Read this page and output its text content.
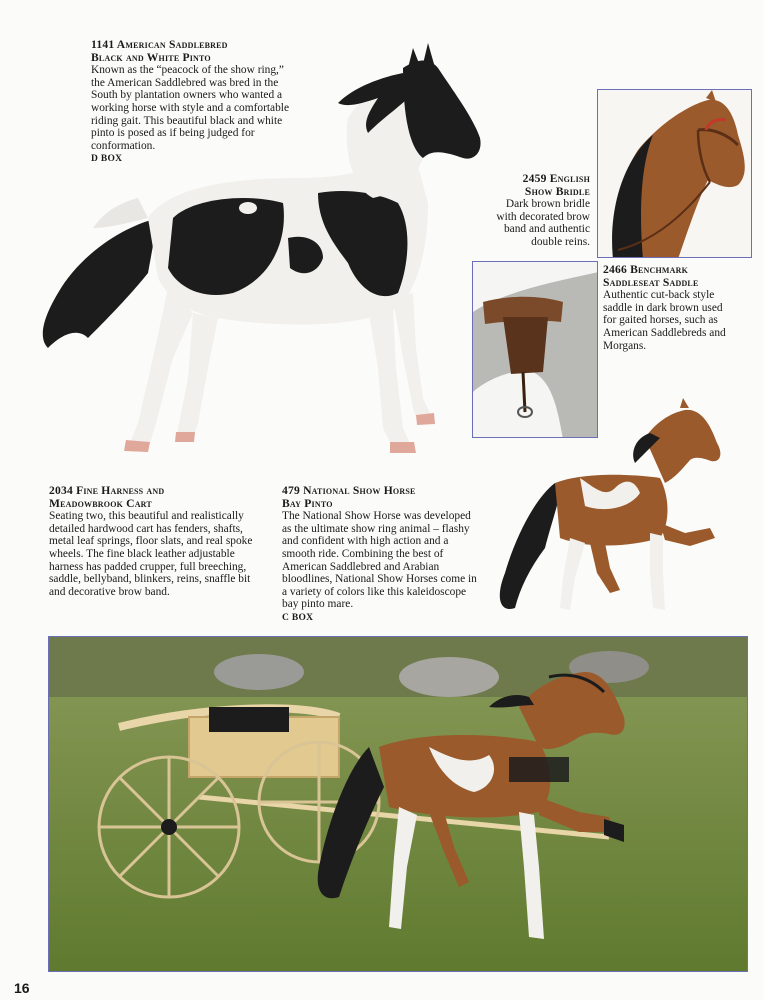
1141 American Saddlebred
Black and White Pinto
Known as the “peacock of the show ring,” the American Saddlebred was bred in the South by plantation owners who wanted a working horse with style and a comfortable riding gait. This beautiful black and white pinto is posed as if being judged for conformation.
D BOX
2459 English
Show Bridle
Dark brown bridle with decorated brow band and authentic double reins.
2466 Benchmark
Saddleseat Saddle
Authentic cut-back style saddle in dark brown used for gaited horses, such as American Saddlebreds and Morgans.
2034 Fine Harness and
Meadowbrook Cart
Seating two, this beautiful and realistically detailed hardwood cart has fenders, shafts, metal leaf springs, floor slats, and real spoke wheels. The fine black leather adjustable harness has padded crupper, full breeching, saddle, bellyband, blinkers, reins, snaffle bit and decorative brow band.
479 National Show Horse
Bay Pinto
The National Show Horse was developed as the ultimate show ring animal – flashy and confident with high action and a smooth ride. Combining the best of American Saddlebred and Arabian bloodlines, National Show Horses come in a variety of colors like this kaleidoscope bay pinto mare.
C BOX
16
